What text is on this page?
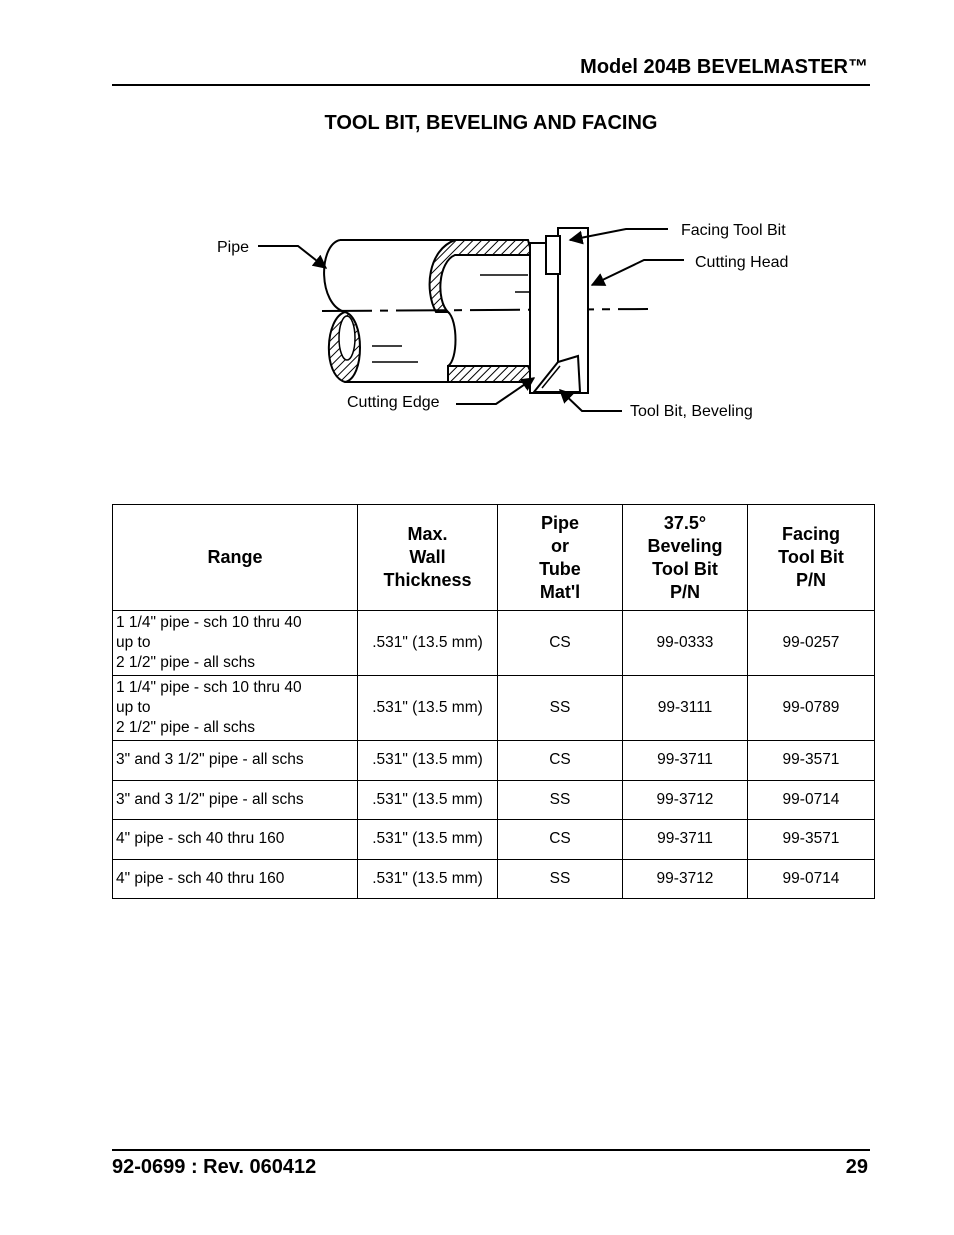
Model 204B BEVELMASTER™
TOOL BIT, BEVELING AND FACING
Pipe
Facing Tool Bit
Cutting Head
Cutting Edge
Tool Bit, Beveling
Range	Max.
Wall
Thickness	Pipe
or
Tube
Mat'l	37.5°
Beveling
Tool Bit
P/N	Facing
Tool Bit
P/N

1 1/4" pipe - sch 10 thru 40
up to
2 1/2" pipe - all schs	.531" (13.5 mm)	CS	99-0333	99-0257
1 1/4" pipe - sch 10 thru 40
up to
2 1/2" pipe - all schs	.531" (13.5 mm)	SS	99-3111	99-0789
3" and 3 1/2" pipe - all schs	.531" (13.5 mm)	CS	99-3711	99-3571
3" and 3 1/2" pipe - all schs	.531" (13.5 mm)	SS	99-3712	99-0714
4" pipe - sch 40 thru 160	.531" (13.5 mm)	CS	99-3711	99-3571
4" pipe - sch 40 thru 160	.531" (13.5 mm)	SS	99-3712	99-0714
92-0699 : Rev. 060412	29
